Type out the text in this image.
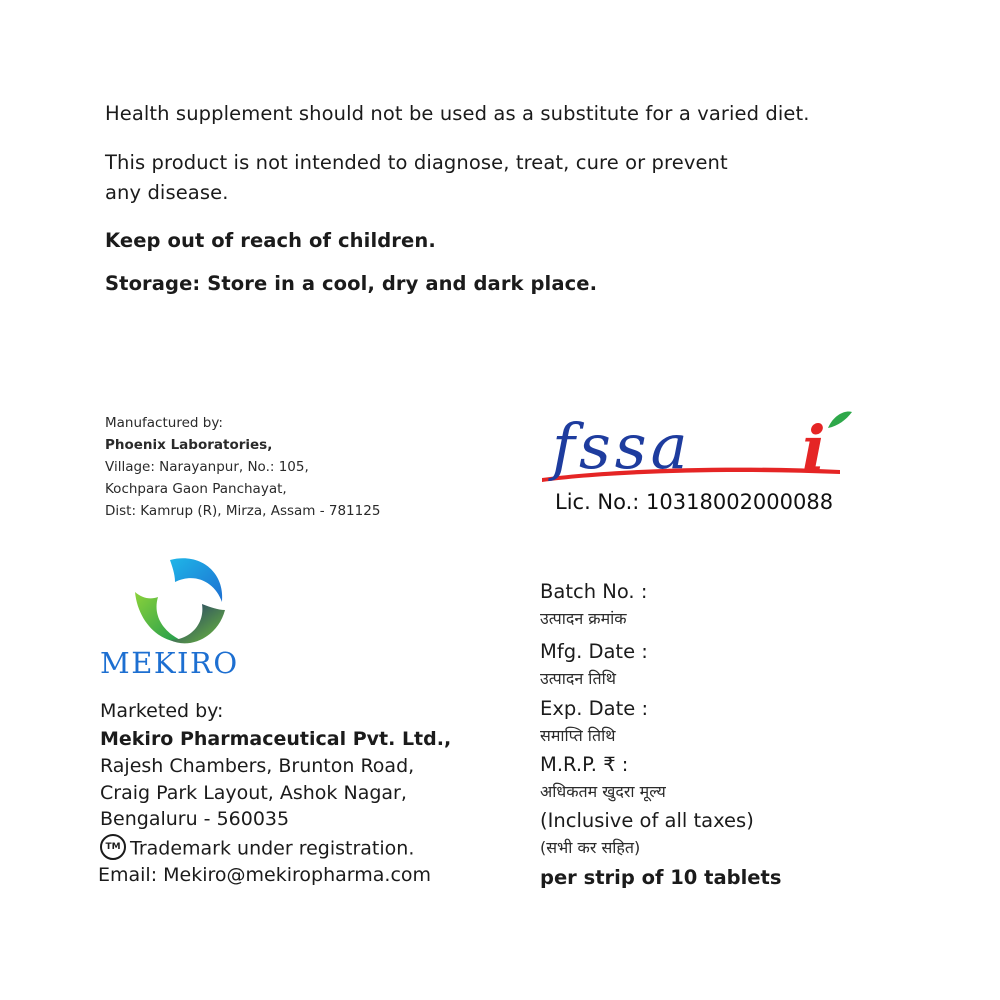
Health supplement should not be used as a substitute for a varied diet.
This product is not intended to diagnose, treat, cure or prevent
any disease.
Keep out of reach of children.
Storage: Store in a cool, dry and dark place.
Manufactured by:
Phoenix Laboratories,
Village: Narayanpur, No.: 105,
Kochpara Gaon Panchayat,
Dist: Kamrup (R), Mirza, Assam - 781125
fssa i
Lic. No.: 10318002000088
MEKIRO
Marketed by:
Mekiro Pharmaceutical Pvt. Ltd.,
Rajesh Chambers, Brunton Road,
Craig Park Layout, Ashok Nagar,
Bengaluru - 560035
TM Trademark under registration.
Email: Mekiro@mekiropharma.com
Batch No. :
उत्पादन क्रमांक
Mfg. Date :
उत्पादन तिथि
Exp. Date :
समाप्ति तिथि
M.R.P. ₹ :
अधिकतम खुदरा मूल्य
(Inclusive of all taxes)
(सभी कर सहित)
per strip of 10 tablets
